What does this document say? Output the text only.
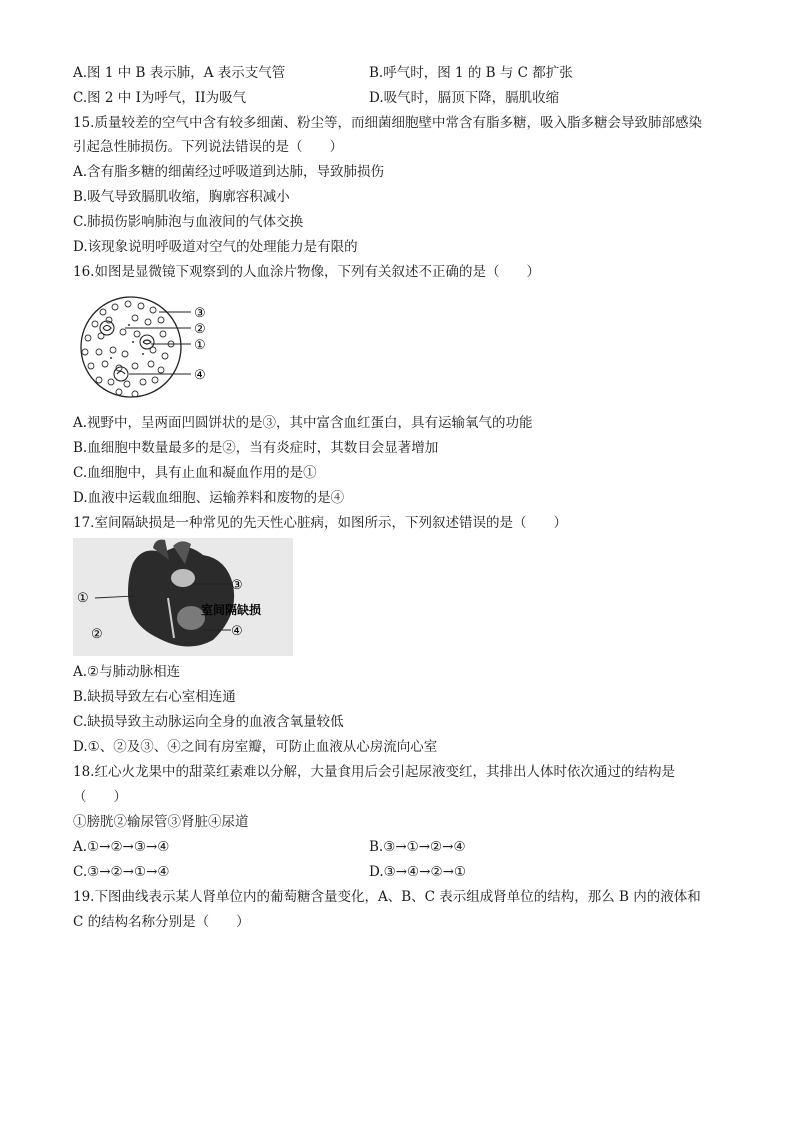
A.图 1 中 B 表示肺，A 表示支气管	B.呼气时，图 1 的 B 与 C 都扩张
C.图 2 中 I为呼气，II为吸气	D.吸气时，膈顶下降，膈肌收缩
15.质量较差的空气中含有较多细菌、粉尘等，而细菌细胞壁中常含有脂多糖，吸入脂多糖会导致肺部感染
引起急性肺损伤。下列说法错误的是（　　）
A.含有脂多糖的细菌经过呼吸道到达肺，导致肺损伤
B.吸气导致膈肌收缩，胸廓容积减小
C.肺损伤影响肺泡与血液间的气体交换
D.该现象说明呼吸道对空气的处理能力是有限的
16.如图是显微镜下观察到的人血涂片物像，下列有关叙述不正确的是（　　）
③
②
①
④
A.视野中，呈两面凹圆饼状的是③，其中富含血红蛋白，具有运输氧气的功能
B.血细胞中数量最多的是②，当有炎症时，其数目会显著增加
C.血细胞中，具有止血和凝血作用的是①
D.血液中运载血细胞、运输养料和废物的是④
17.室间隔缺损是一种常见的先天性心脏病，如图所示，下列叙述错误的是（　　）
①
②
③
④
室间隔缺损
A.②与肺动脉相连
B.缺损导致左右心室相连通
C.缺损导致主动脉运向全身的血液含氧量较低
D.①、②及③、④之间有房室瓣，可防止血液从心房流向心室
18.红心火龙果中的甜菜红素难以分解，大量食用后会引起尿液变红，其排出人体时依次通过的结构是
（　　）
①膀胱②输尿管③肾脏④尿道
A.①→②→③→④	B.③→①→②→④
C.③→②→①→④	D.③→④→②→①
19.下图曲线表示某人肾单位内的葡萄糖含量变化，A、B、C 表示组成肾单位的结构，那么 B 内的液体和
C 的结构名称分别是（　　）
